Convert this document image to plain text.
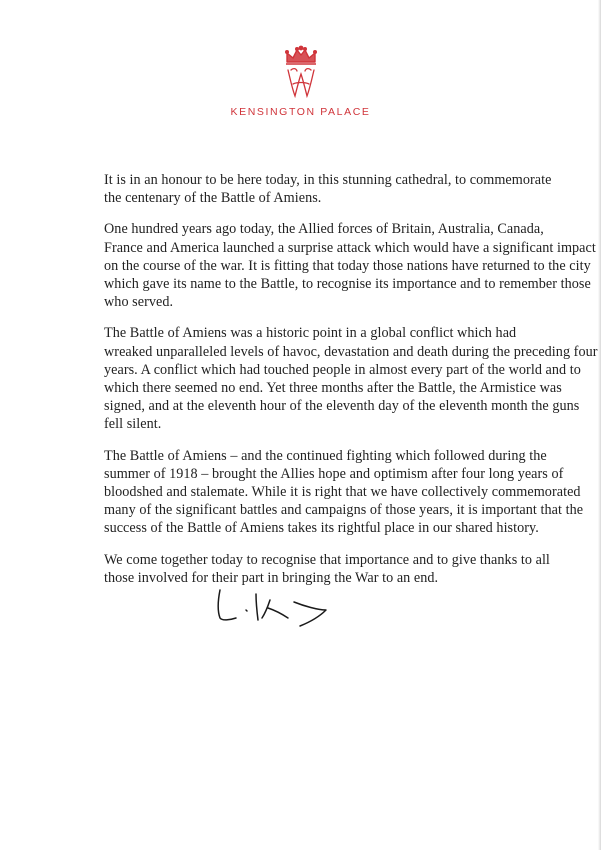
KENSINGTON PALACE

It is in an honour to be here today, in this stunning cathedral, to commemorate
the centenary of the Battle of Amiens.

One hundred years ago today, the Allied forces of Britain, Australia, Canada,
France and America launched a surprise attack which would have a significant impact
on the course of the war. It is fitting that today those nations have returned to the city
which gave its name to the Battle, to recognise its importance and to remember those
who served.

The Battle of Amiens was a historic point in a global conflict which had
wreaked unparalleled levels of havoc, devastation and death during the preceding four
years. A conflict which had touched people in almost every part of the world and to
which there seemed no end. Yet three months after the Battle, the Armistice was
signed, and at the eleventh hour of the eleventh day of the eleventh month the guns
fell silent.

The Battle of Amiens – and the continued fighting which followed during the
summer of 1918 – brought the Allies hope and optimism after four long years of
bloodshed and stalemate. While it is right that we have collectively commemorated
many of the significant battles and campaigns of those years, it is important that the
success of the Battle of Amiens takes its rightful place in our shared history.

We come together today to recognise that importance and to give thanks to all
those involved for their part in bringing the War to an end.
